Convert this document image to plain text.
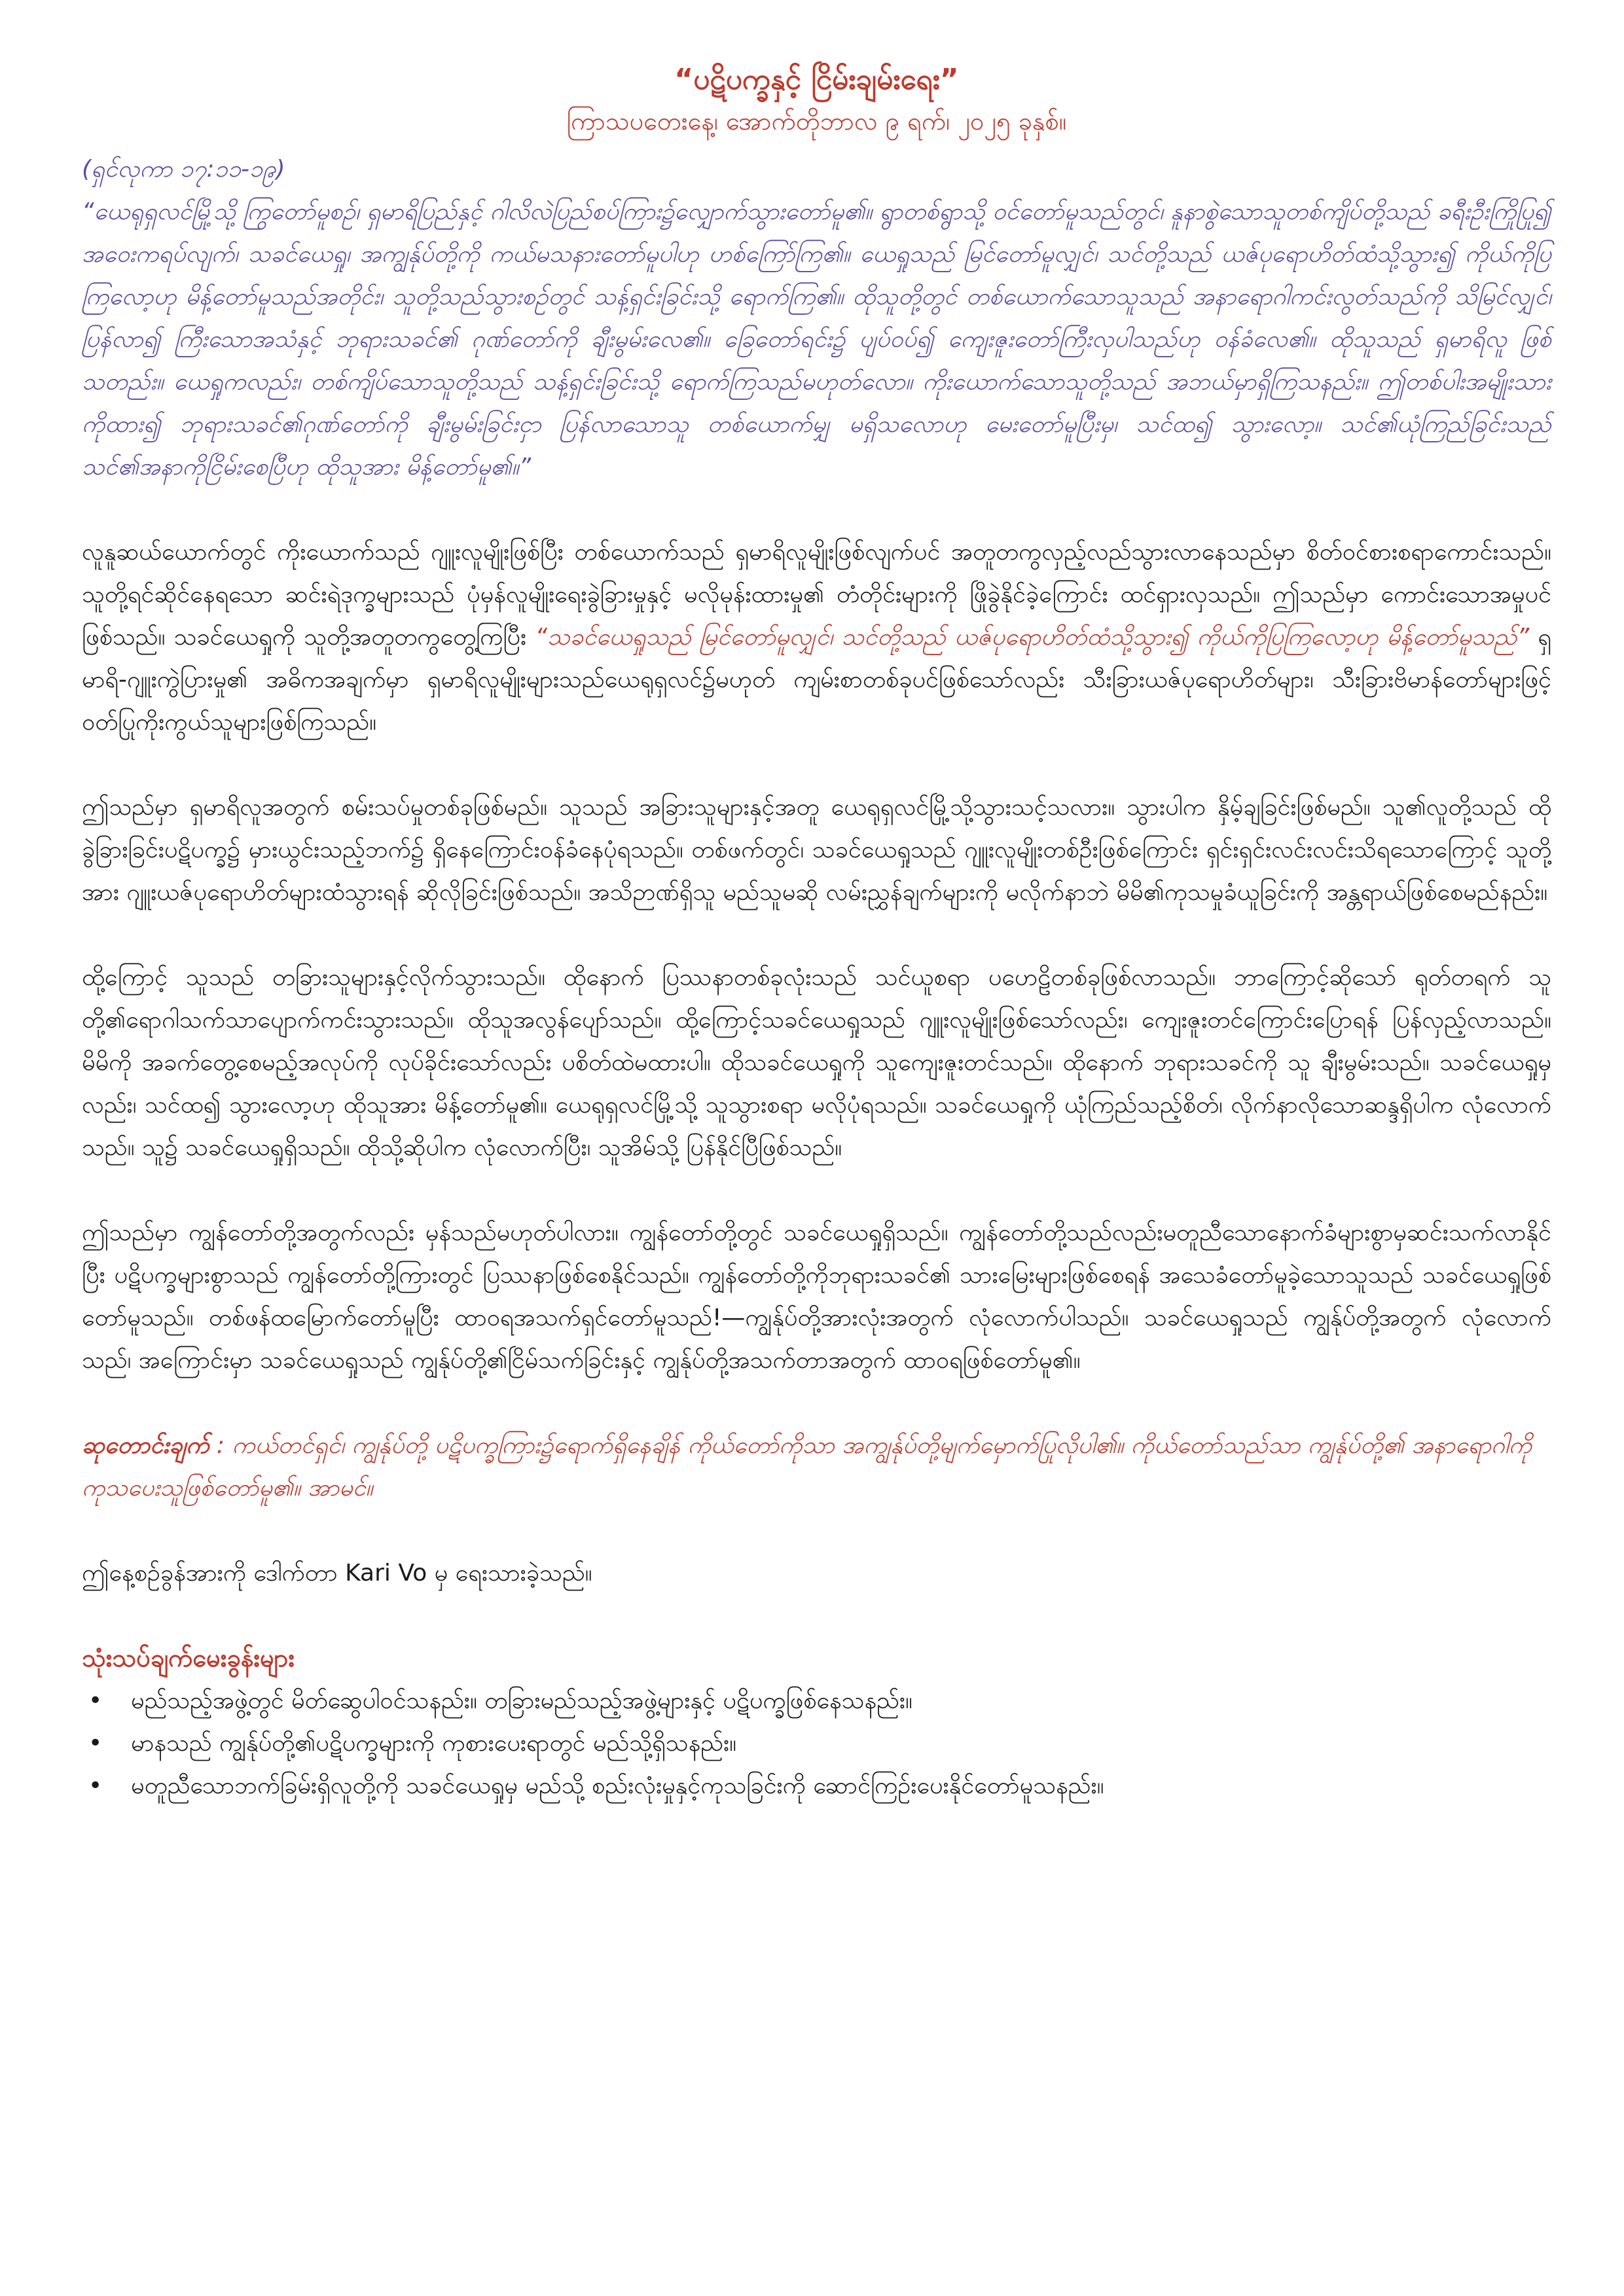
“ပဋိပက္ခနှင့် ငြိမ်းချမ်းရေး”

ကြာသပတေးနေ့၊ အောက်တိုဘာလ ၉ ရက်၊ ၂၀၂၅ ခုနှစ်။

(ရှင်လုကာ ၁၇:၁၁-၁၉)

“ယေရုရှလင်မြို့သို့ ကြွတော်မူစဉ်၊ ရှမာရိပြည်နှင့် ဂါလိလဲပြည်စပ်ကြား၌လျှောက်သွားတော်မူ၏။ ရွာတစ်ရွာသို့ ဝင်တော်မူသည်တွင်၊ နူနာစွဲသောသူတစ်ကျိပ်တို့သည် ခရီးဦးကြိုပြု၍ အဝေးကရပ်လျက်၊ သခင်ယေရှု၊ အကျွန်ုပ်တို့ကို ကယ်မသနားတော်မူပါဟု ဟစ်ကြော်ကြ၏။ ယေရှုသည် မြင်တော်မူလျှင်၊ သင်တို့သည် ယဇ်ပုရောဟိတ်ထံသို့သွား၍ ကိုယ်ကိုပြကြလော့ဟု မိန့်တော်မူသည်အတိုင်း၊ သူတို့သည်သွားစဉ်တွင် သန့်ရှင်းခြင်းသို့ ရောက်ကြ၏။ ထိုသူတို့တွင် တစ်ယောက်သောသူသည် အနာရောဂါကင်းလွတ်သည်ကို သိမြင်လျှင်၊ ပြန်လာ၍ ကြီးသောအသံနှင့် ဘုရားသခင်၏ ဂုဏ်တော်ကို ချီးမွမ်းလေ၏။ ခြေတော်ရင်း၌ ပျပ်ဝပ်၍ ကျေးဇူးတော်ကြီးလှပါသည်ဟု ဝန်ခံလေ၏။ ထိုသူသည် ရှမာရိလူ ဖြစ်သတည်း။ ယေရှုကလည်း၊ တစ်ကျိပ်သောသူတို့သည် သန့်ရှင်းခြင်းသို့ ရောက်ကြသည်မဟုတ်လော။ ကိုးယောက်သောသူတို့သည် အဘယ်မှာရှိကြသနည်း။ ဤတစ်ပါးအမျိုးသားကိုထား၍ ဘုရားသခင်၏ဂုဏ်တော်ကို ချီးမွမ်းခြင်းငှာ ပြန်လာသောသူ တစ်ယောက်မျှ မရှိသလောဟု မေးတော်မူပြီးမှ၊ သင်ထ၍ သွားလော့။ သင်၏ယုံကြည်ခြင်းသည် သင်၏အနာကိုငြိမ်းစေပြီဟု ထိုသူအား မိန့်တော်မူ၏။”

လူနူဆယ်ယောက်တွင် ကိုးယောက်သည် ဂျူးလူမျိုးဖြစ်ပြီး တစ်ယောက်သည် ရှမာရိလူမျိုးဖြစ်လျက်ပင် အတူတကွလှည့်လည်သွားလာနေသည်မှာ စိတ်ဝင်စားစရာကောင်းသည်။ သူတို့ရင်ဆိုင်နေရသော ဆင်းရဲဒုက္ခများသည် ပုံမှန်လူမျိုးရေးခွဲခြားမှုနှင့် မလိုမုန်းထားမှု၏ တံတိုင်းများကို ဖြိုခွဲနိုင်ခဲ့ကြောင်း ထင်ရှားလှသည်။ ဤသည်မှာ ကောင်းသောအမှုပင်ဖြစ်သည်။ သခင်ယေရှုကို သူတို့အတူတကွတွေ့ကြပြီး “သခင်ယေရှုသည် မြင်တော်မူလျှင်၊ သင်တို့သည် ယဇ်ပုရောဟိတ်ထံသို့သွား၍ ကိုယ်ကိုပြကြလော့ဟု မိန့်တော်မူသည်” ရှမာရိ-ဂျူးကွဲပြားမှု၏ အဓိကအချက်မှာ ရှမာရိလူမျိုးများသည်ယေရုရှလင်၌မဟုတ် ကျမ်းစာတစ်ခုပင်ဖြစ်သော်လည်း သီးခြားယဇ်ပုရောဟိတ်များ၊ သီးခြားဗိမာန်တော်များဖြင့် ဝတ်ပြုကိုးကွယ်သူများဖြစ်ကြသည်။

ဤသည်မှာ ရှမာရိလူအတွက် စမ်းသပ်မှုတစ်ခုဖြစ်မည်။ သူသည် အခြားသူများနှင့်အတူ ယေရုရှလင်မြို့သို့သွားသင့်သလား။ သွားပါက နှိမ့်ချခြင်းဖြစ်မည်။ သူ၏လူတို့သည် ထိုခွဲခြားခြင်းပဋိပက္ခ၌ မှားယွင်းသည့်ဘက်၌ ရှိနေကြောင်းဝန်ခံနေပုံရသည်။ တစ်ဖက်တွင်၊ သခင်ယေရှုသည် ဂျူးလူမျိုးတစ်ဦးဖြစ်ကြောင်း ရှင်းရှင်းလင်းလင်းသိရသောကြောင့် သူတို့အား ဂျူးယဇ်ပုရောဟိတ်များထံသွားရန် ဆိုလိုခြင်းဖြစ်သည်။ အသိဉာဏ်ရှိသူ မည်သူမဆို လမ်းညွှန်ချက်များကို မလိုက်နာဘဲ မိမိ၏ကုသမှုခံယူခြင်းကို အန္တရာယ်ဖြစ်စေမည်နည်း။

ထို့ကြောင့် သူသည် တခြားသူများနှင့်လိုက်သွားသည်။ ထိုနောက် ပြဿနာတစ်ခုလုံးသည် သင်ယူစရာ ပဟေဠိတစ်ခုဖြစ်လာသည်။ ဘာကြောင့်ဆိုသော် ရုတ်တရက် သူတို့၏ရောဂါသက်သာပျောက်ကင်းသွားသည်။ ထိုသူအလွန်ပျော်သည်။ ထို့ကြောင့်သခင်ယေရှုသည် ဂျူးလူမျိုးဖြစ်သော်လည်း၊ ကျေးဇူးတင်ကြောင်းပြောရန် ပြန်လှည့်လာသည်။ မိမိကို အခက်တွေ့စေမည့်အလုပ်ကို လုပ်ခိုင်းသော်လည်း ပစိတ်ထဲမထားပါ။ ထိုသခင်ယေရှုကို သူကျေးဇူးတင်သည်။ ထိုနောက် ဘုရားသခင်ကို သူ ချီးမွမ်းသည်။ သခင်ယေရှုမှလည်း၊ သင်ထ၍ သွားလော့ဟု ထိုသူအား မိန့်တော်မူ၏။ ယေရုရှလင်မြို့သို့ သူသွားစရာ မလိုပုံရသည်။ သခင်ယေရှုကို ယုံကြည်သည့်စိတ်၊ လိုက်နာလိုသောဆန္ဒရှိပါက လုံလောက်သည်။ သူ၌ သခင်ယေရှုရှိသည်။ ထိုသို့ဆိုပါက လုံလောက်ပြီး၊ သူအိမ်သို့ ပြန်နိုင်ပြီဖြစ်သည်။

ဤသည်မှာ ကျွန်တော်တို့အတွက်လည်း မှန်သည်မဟုတ်ပါလား။ ကျွန်တော်တို့တွင် သခင်ယေရှုရှိသည်။ ကျွန်တော်တို့သည်လည်းမတူညီသောနောက်ခံများစွာမှဆင်းသက်လာနိုင်ပြီး ပဋိပက္ခများစွာသည် ကျွန်တော်တို့ကြားတွင် ပြဿနာဖြစ်စေနိုင်သည်။ ကျွန်တော်တို့ကိုဘုရားသခင်၏ သားမြေးများဖြစ်စေရန် အသေခံတော်မူခဲ့သောသူသည် သခင်ယေရှုဖြစ်တော်မူသည်။ တစ်ဖန်ထမြောက်တော်မူပြီး ထာဝရအသက်ရှင်တော်မူသည်!—ကျွန်ုပ်တို့အားလုံးအတွက် လုံလောက်ပါသည်။ သခင်ယေရှုသည် ကျွန်ုပ်တို့အတွက် လုံလောက်သည်၊ အကြောင်းမှာ သခင်ယေရှုသည် ကျွန်ုပ်တို့၏ငြိမ်သက်ခြင်းနှင့် ကျွန်ုပ်တို့အသက်တာအတွက် ထာဝရဖြစ်တော်မူ၏။

ဆုတောင်းချက် : ကယ်တင်ရှင်၊ ကျွန်ုပ်တို့ ပဋိပက္ခကြား၌ရောက်ရှိနေချိန် ကိုယ်တော်ကိုသာ အကျွန်ုပ်တို့မျက်မှောက်ပြုလိုပါ၏။ ကိုယ်တော်သည်သာ ကျွန်ုပ်တို့၏ အနာရောဂါကို ကုသပေးသူဖြစ်တော်မူ၏။ အာမင်။

ဤနေ့စဉ်ခွန်အားကို ဒေါက်တာ Kari Vo မှ ရေးသားခဲ့သည်။

သုံးသပ်ချက်မေးခွန်းများ

• မည်သည့်အဖွဲ့တွင် မိတ်ဆွေပါဝင်သနည်း။ တခြားမည်သည့်အဖွဲ့များနှင့် ပဋိပက္ခဖြစ်နေသနည်း။
• မာနသည် ကျွန်ုပ်တို့၏ပဋိပက္ခများကို ကုစားပေးရာတွင် မည်သို့ရှိသနည်း။
• မတူညီသောဘက်ခြမ်းရှိလူတို့ကို သခင်ယေရှုမှ မည်သို့ စည်းလုံးမှုနှင့်ကုသခြင်းကို ဆောင်ကြဉ်းပေးနိုင်တော်မူသနည်း။
